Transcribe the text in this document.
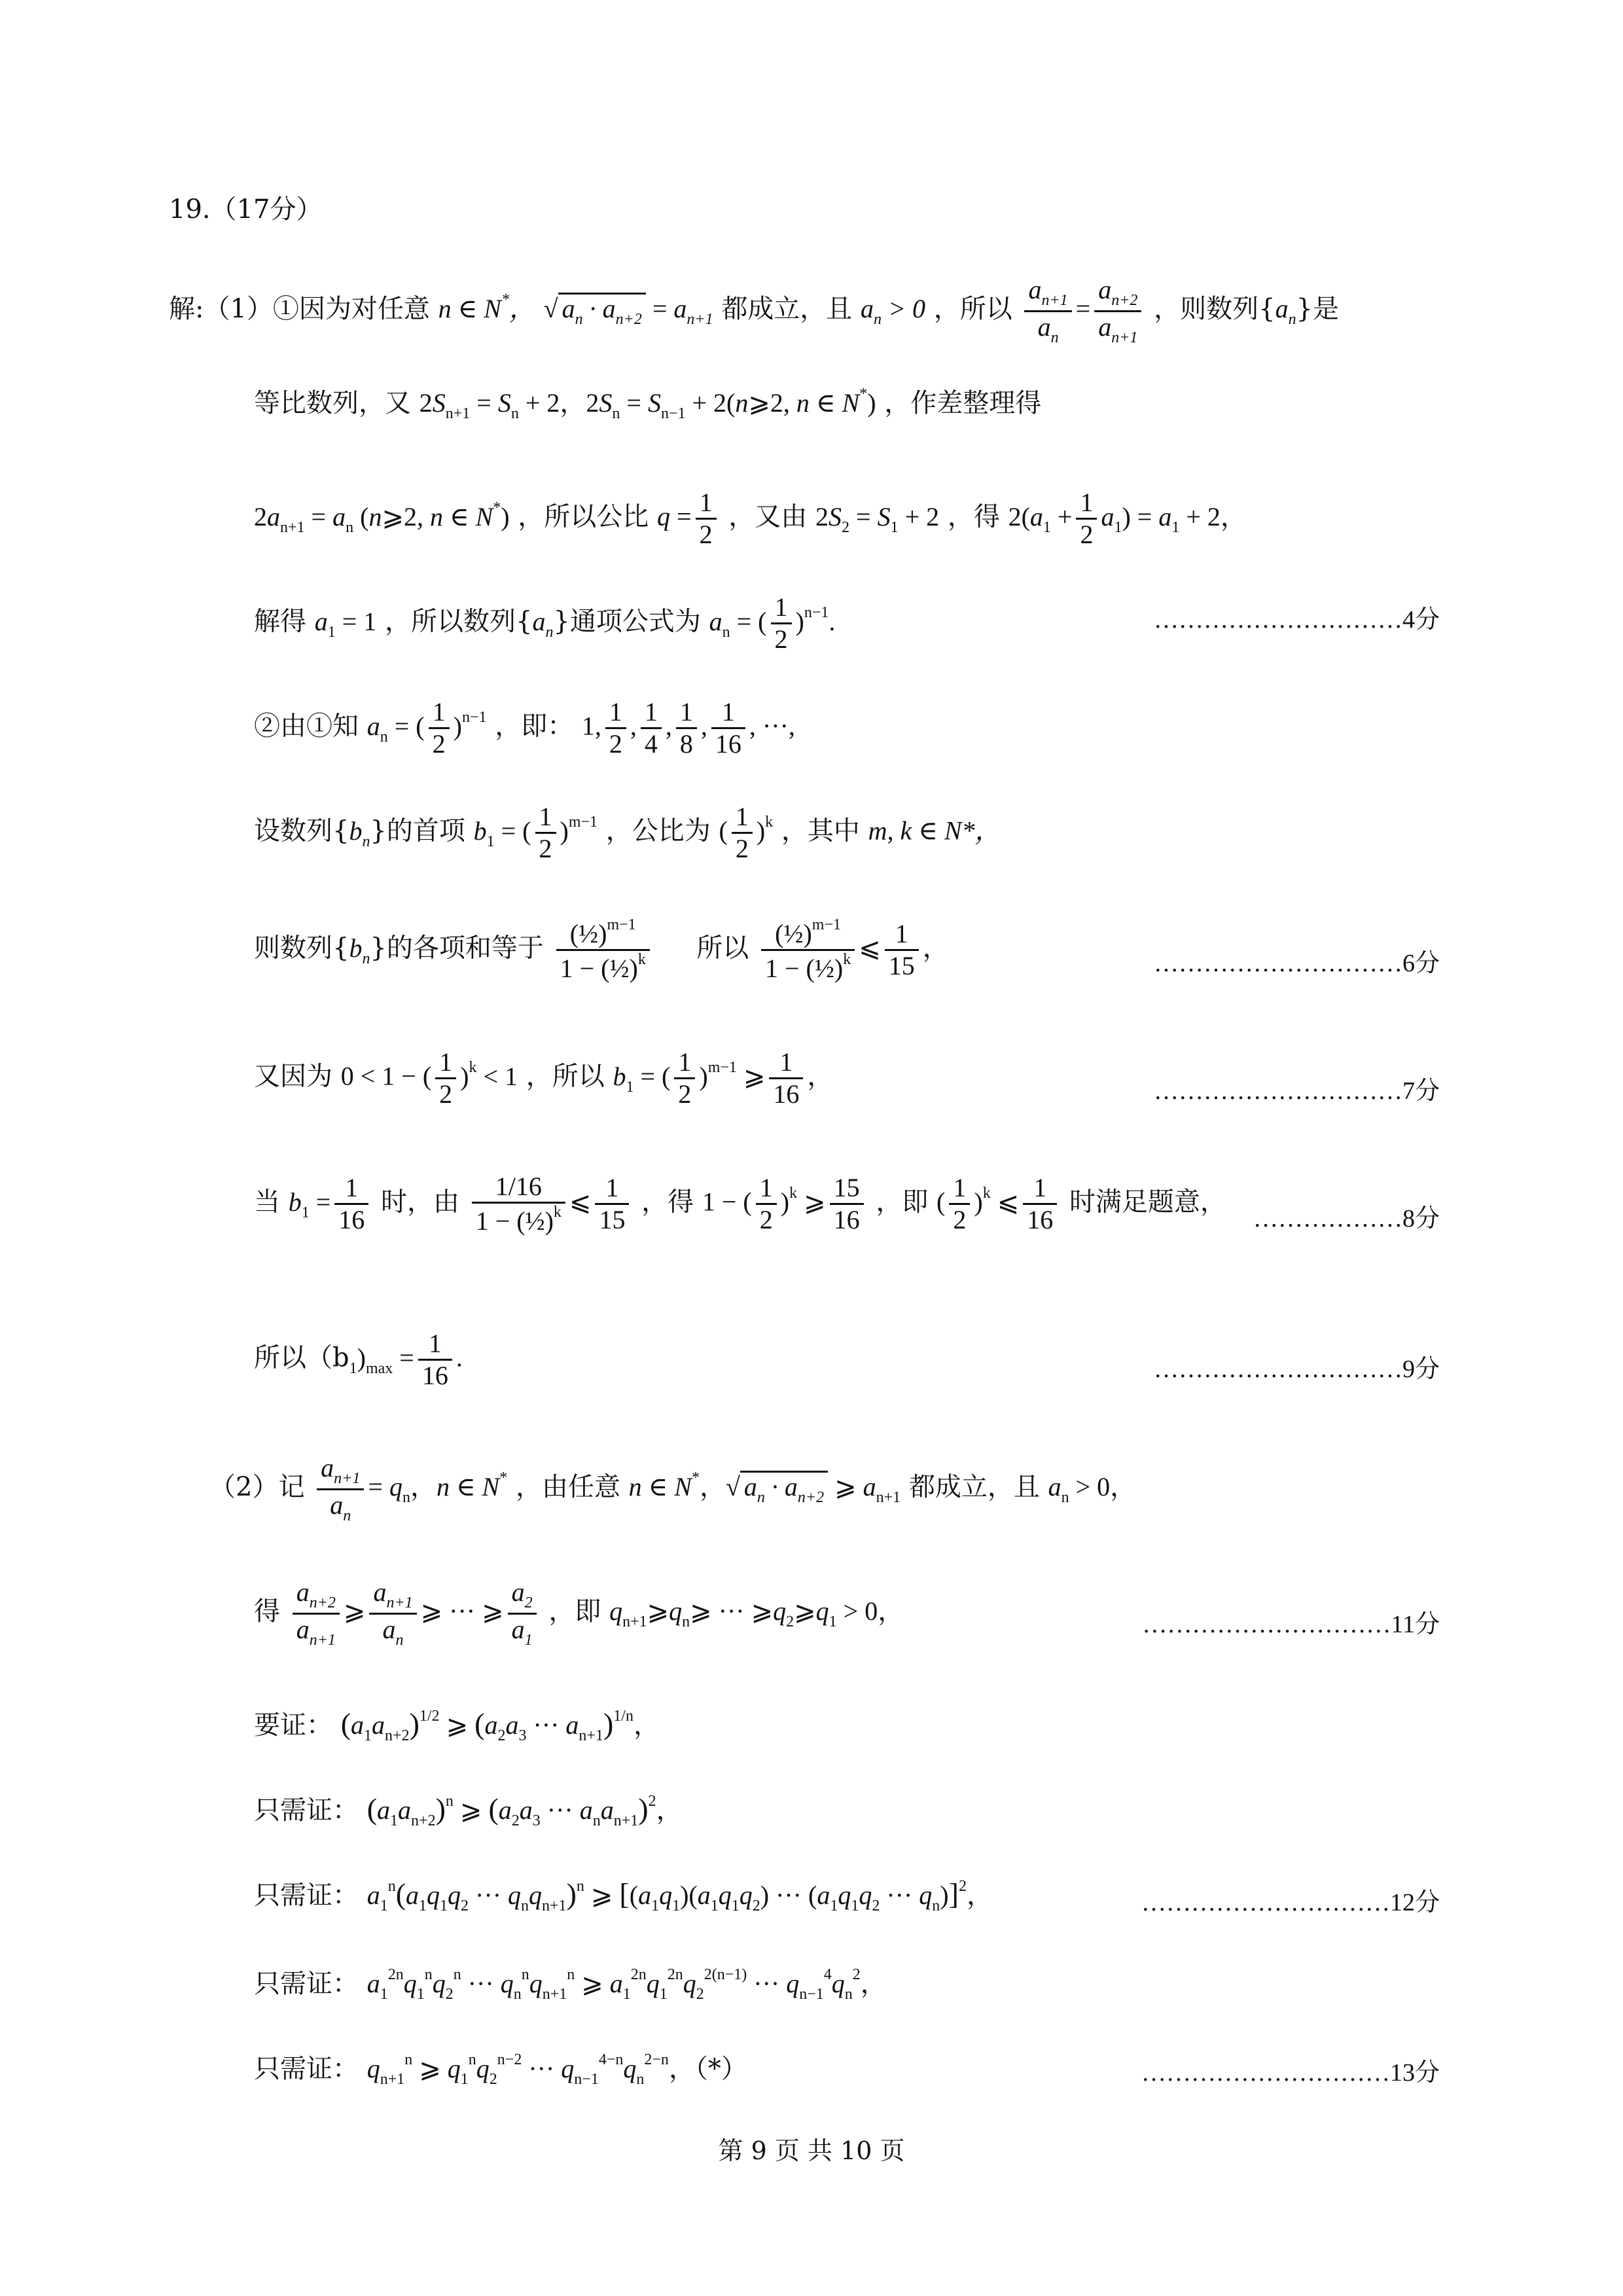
19.（17分）
解:（1）①因为对任意 n ∈ N*， √ $a_n \cdot a_{n+2} = a_{n+1}$ 都成立，且 $a_n > 0$ ，所以 $\frac{a_{n+1}}{a_n} = \frac{a_{n+2}}{a_{n+1}}$ ，则数列$\{a_n\}$是
等比数列，又 $2S_{n+1} = S_n + 2$，$2S_n = S_{n-1}$ + 2(n⩾2, n ∈ N*) ，作差整理得
$2a_{n+1} = a_n$ (n⩾2, n ∈ N*) ，所以公比 $q = \frac{1}{2}$ ，又由 $2S_2 = S_1 + 2$ ，得 $2(a_1 + \frac{1}{2} a_1) = a_1 + 2$，
解得 $a_1 = 1$ ，所以数列$\{a_n\}$通项公式为 $a_n$ = ( $\frac{1}{2} )^{n-1}$.	…………………………4分
②由①知 $a_n$ = ( $\frac{1}{2} )^{n-1}$ ，即： 1, $\frac{1}{2}$ , $\frac{1}{4}$ , $\frac{1}{8}$ , $\frac{1}{16}$ , ···,
设数列$\{b_n\}$的首项 $b_1$ = ( $\frac{1}{2} )^{m-1}$ ，公比为 ( $\frac{1}{2} )^k$ ，其中 m, k ∈ N*，
则数列$\{b_n\}$的各项和等于 $\frac{(\frac{1}{2})^{m-1}}{1 - (\frac{1}{2})^k}$ 所以 $\frac{(\frac{1}{2})^{m-1}}{1 - (\frac{1}{2})^k}$ ⩽ $\frac{1}{15}$ ，
…………………………6分
又因为 0 < 1 − ( $\frac{1}{2} )^k < 1$ ，所以 $b_1$ = ( $\frac{1}{2} )^{m-1}$ ⩾ $\frac{1}{16}$ ，
…………………………7分
当 $b_1 = \frac{1}{16}$ 时，由 $\frac{1/16}{1 - (\frac{1}{2})^k}$ ⩽ $\frac{1}{15}$ ，得 1 − ( $\frac{1}{2} )^k$ ⩾ $\frac{15}{16}$ ，即 ( $\frac{1}{2} )^k$ ⩽ $\frac{1}{16}$ 时满足题意，
………………8分
所以$(b_1)_{max} = \frac{1}{16}$ .	…………………………9分
（2）记 $\frac{a_{n+1}}{a_n} = q_n$，n ∈ N* ，由任意 n ∈ N*，√ $a_n \cdot a_{n+2}$ ⩾ $a_{n+1}$ 都成立，且 $a_n > 0$，
得 $\frac{a_{n+2}}{a_{n+1}}$ ⩾ $\frac{a_{n+1}}{a_n}$ ⩾ ··· ⩾ $\frac{a_2}{a_1}$ ，即 $q_{n+1}⩾q_n⩾$ ··· $⩾q_2⩾q_1 > 0$，	…………………………11分
要证： $(a_1a_{n+2})^{1/2}$ ⩾ ($a_2a_3$ ··· $a_{n+1})^{1/n}$，
只需证： $(a_1a_{n+2})^n$ ⩾ ($a_2a_3$ ··· $a_na_{n+1})^2$，
只需证： $a_1^n(a_1q_1q_2$ ··· $q_nq_{n+1})^n$ ⩾ [$(a_1q_1)(a_1q_1q_2)$ ··· ($a_1q_1q_2$ ··· $q_n)]^2$，	…………………………12分
只需证： $a_1^{2n}q_1^nq_2^n$ ··· $q_n^nq_{n+1}^n$ ⩾ $a_1^{2n}q_1^{2n}q_2^{2(n-1)}$ ··· $q_{n-1}^4q_n^2$，
只需证： $q_{n+1}^n$ ⩾ $q_1^nq_2^{n-2}$ ··· $q_{n-1}^{4-n}q_n^{2-n}$，（*）	…………………………13分
第 9 页 共 10 页
